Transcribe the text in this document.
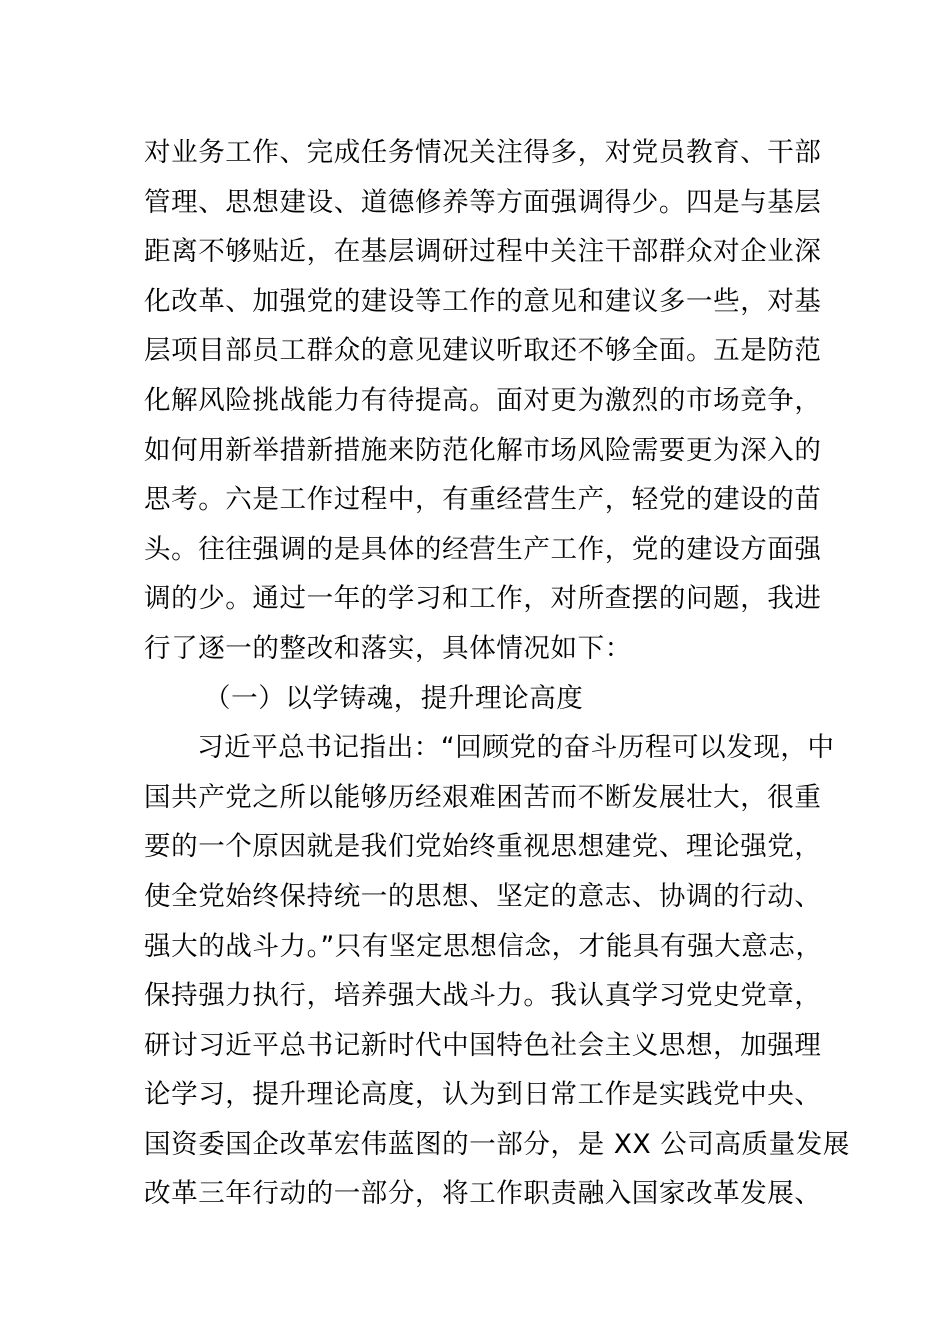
对业务工作、完成任务情况关注得多，对党员教育、干部
管理、思想建设、道德修养等方面强调得少。四是与基层
距离不够贴近，在基层调研过程中关注干部群众对企业深
化改革、加强党的建设等工作的意见和建议多一些，对基
层项目部员工群众的意见建议听取还不够全面。五是防范
化解风险挑战能力有待提高。面对更为激烈的市场竞争，
如何用新举措新措施来防范化解市场风险需要更为深入的
思考。六是工作过程中，有重经营生产，轻党的建设的苗
头。往往强调的是具体的经营生产工作，党的建设方面强
调的少。通过一年的学习和工作，对所查摆的问题，我进
行了逐一的整改和落实，具体情况如下：
（一）以学铸魂，提升理论高度
习近平总书记指出：“回顾党的奋斗历程可以发现，中
国共产党之所以能够历经艰难困苦而不断发展壮大，很重
要的一个原因就是我们党始终重视思想建党、理论强党，
使全党始终保持统一的思想、坚定的意志、协调的行动、
强大的战斗力。”只有坚定思想信念，才能具有强大意志，
保持强力执行，培养强大战斗力。我认真学习党史党章，
研讨习近平总书记新时代中国特色社会主义思想，加强理
论学习，提升理论高度，认为到日常工作是实践党中央、
国资委国企改革宏伟蓝图的一部分，是 XX 公司高质量发展
改革三年行动的一部分，将工作职责融入国家改革发展、
